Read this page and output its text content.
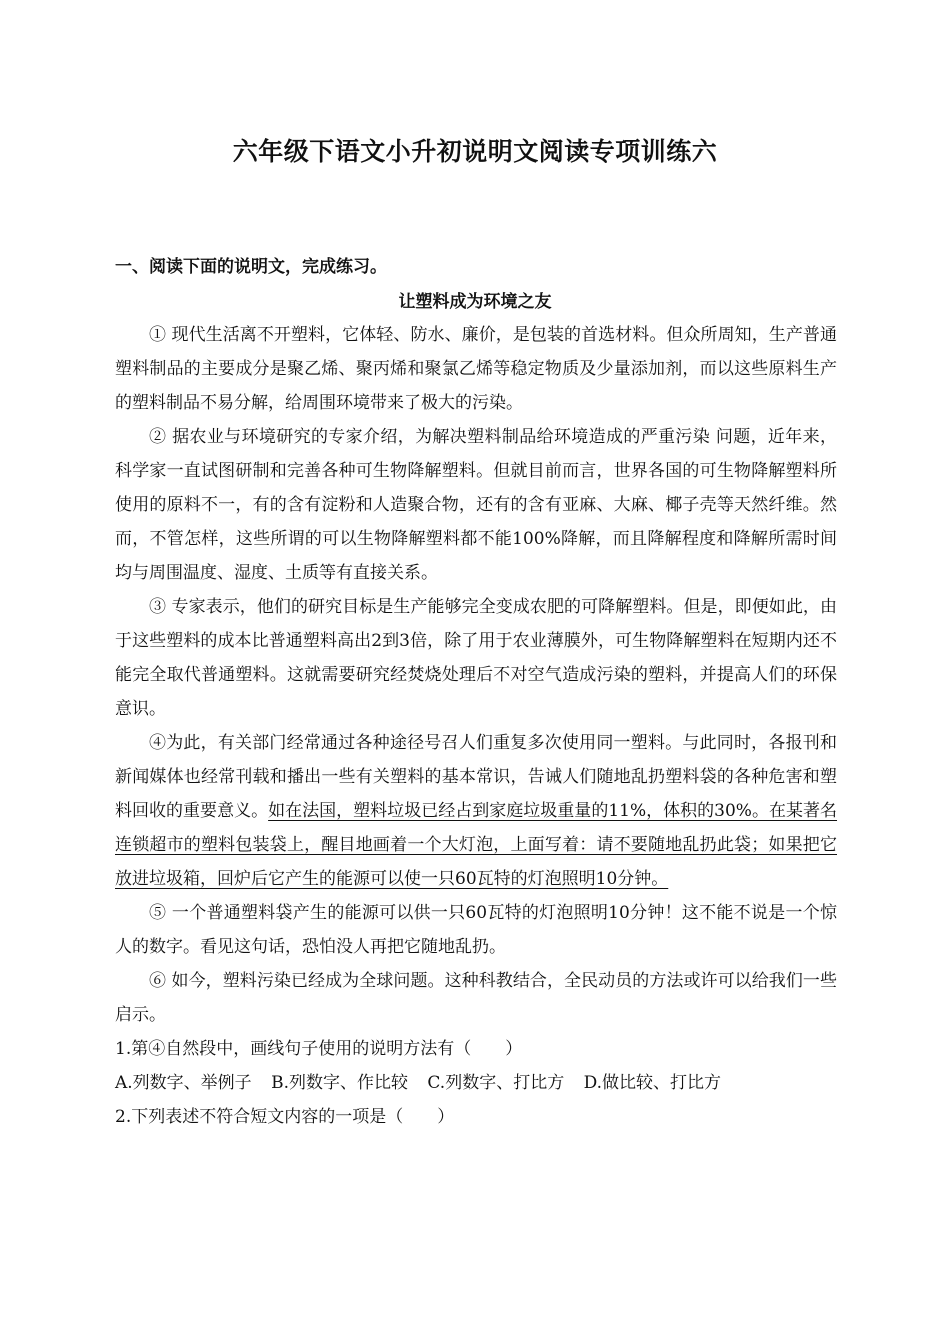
六年级下语文小升初说明文阅读专项训练六
一、阅读下面的说明文，完成练习。
让塑料成为环境之友

① 现代生活离不开塑料，它体轻、防水、廉价，是包装的首选材料。但众所周知，生产普通塑料制品的主要成分是聚乙烯、聚丙烯和聚氯乙烯等稳定物质及少量添加剂，而以这些原料生产的塑料制品不易分解，给周围环境带来了极大的污染。

② 据农业与环境研究的专家介绍，为解决塑料制品给环境造成的严重污染 问题，近年来，科学家一直试图研制和完善各种可生物降解塑料。但就目前而言，世界各国的可生物降解塑料所使用的原料不一，有的含有淀粉和人造聚合物，还有的含有亚麻、大麻、椰子壳等天然纤维。然而，不管怎样，这些所谓的可以生物降解塑料都不能100%降解，而且降解程度和降解所需时间均与周围温度、湿度、土质等有直接关系。

③ 专家表示，他们的研究目标是生产能够完全变成农肥的可降解塑料。但是，即便如此，由于这些塑料的成本比普通塑料高出2到3倍，除了用于农业薄膜外，可生物降解塑料在短期内还不能完全取代普通塑料。这就需要研究经焚烧处理后不对空气造成污染的塑料，并提高人们的环保意识。

④为此，有关部门经常通过各种途径号召人们重复多次使用同一塑料。与此同时，各报刊和新闻媒体也经常刊载和播出一些有关塑料的基本常识，告诫人们随地乱扔塑料袋的各种危害和塑料回收的重要意义。如在法国，塑料垃圾已经占到家庭垃圾重量的11%，体积的30%。在某著名连锁超市的塑料包装袋上，醒目地画着一个大灯泡，上面写着：请不要随地乱扔此袋；如果把它放进垃圾箱，回炉后它产生的能源可以使一只60瓦特的灯泡照明10分钟。

⑤ 一个普通塑料袋产生的能源可以供一只60瓦特的灯泡照明10分钟！这不能不说是一个惊人的数字。看见这句话，恐怕没人再把它随地乱扔。

⑥ 如今，塑料污染已经成为全球问题。这种科教结合，全民动员的方法或许可以给我们一些启示。

1.第④自然段中，画线句子使用的说明方法有（　　）

A.列数字、举例子 B.列数字、作比较 C.列数字、打比方 D.做比较、打比方

2.下列表述不符合短文内容的一项是（　　）
